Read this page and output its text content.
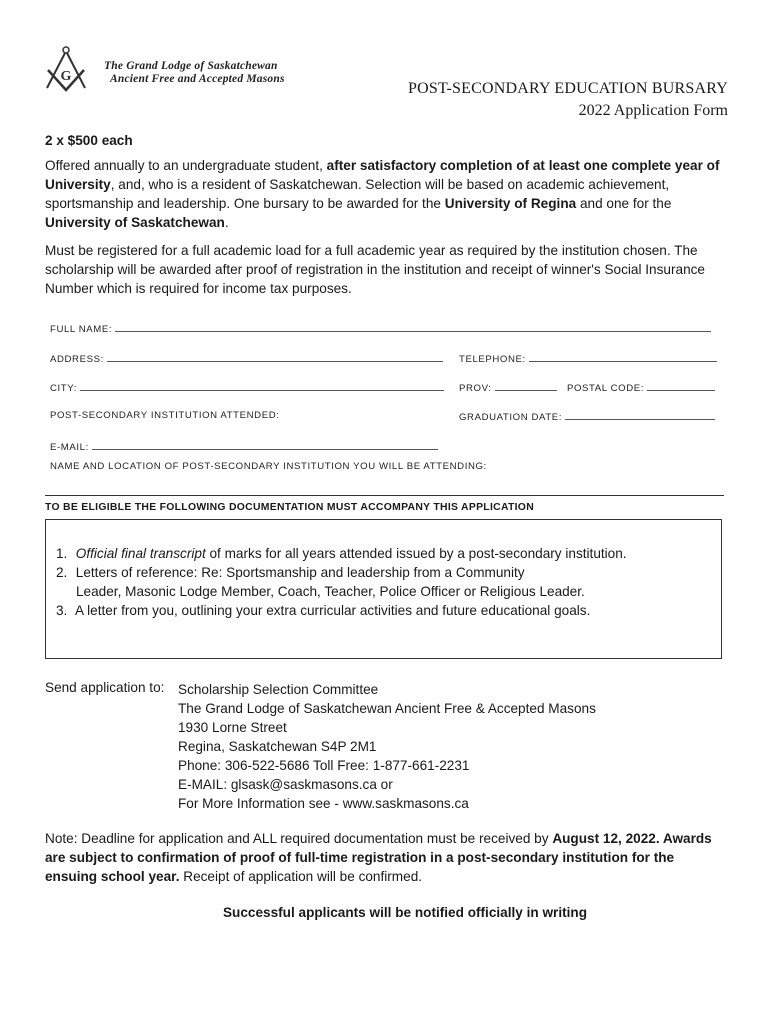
G
The Grand Lodge of Saskatchewan
Ancient Free and Accepted Masons
POST-SECONDARY EDUCATION BURSARY
2022 Application Form
2 x $500 each
Offered annually to an undergraduate student, after satisfactory completion of at least one complete year of University, and, who is a resident of Saskatchewan. Selection will be based on academic achievement, sportsmanship and leadership. One bursary to be awarded for the University of Regina and one for the University of Saskatchewan.
Must be registered for a full academic load for a full academic year as required by the institution chosen. The scholarship will be awarded after proof of registration in the institution and receipt of winner's Social Insurance Number which is required for income tax purposes.
FULL NAME:
ADDRESS:	TELEPHONE:
CITY:	PROV:	POSTAL CODE:
POST-SECONDARY INSTITUTION ATTENDED:	GRADUATION DATE:
E-MAIL:
NAME AND LOCATION OF POST-SECONDARY INSTITUTION YOU WILL BE ATTENDING:
TO BE ELIGIBLE THE FOLLOWING DOCUMENTATION MUST ACCOMPANY THIS APPLICATION
1. Official final transcript of marks for all years attended issued by a post-secondary institution.
2. Letters of reference: Re: Sportsmanship and leadership from a Community
Leader, Masonic Lodge Member, Coach, Teacher, Police Officer or Religious Leader.
3. A letter from you, outlining your extra curricular activities and future educational goals.
Send application to: Scholarship Selection Committee
The Grand Lodge of Saskatchewan Ancient Free & Accepted Masons
1930 Lorne Street
Regina, Saskatchewan S4P 2M1
Phone: 306-522-5686 Toll Free: 1-877-661-2231
E-MAIL: glsask@saskmasons.ca or
For More Information see - www.saskmasons.ca
Note: Deadline for application and ALL required documentation must be received by August 12, 2022. Awards are subject to confirmation of proof of full-time registration in a post-secondary institution for the ensuing school year. Receipt of application will be confirmed.
Successful applicants will be notified officially in writing
